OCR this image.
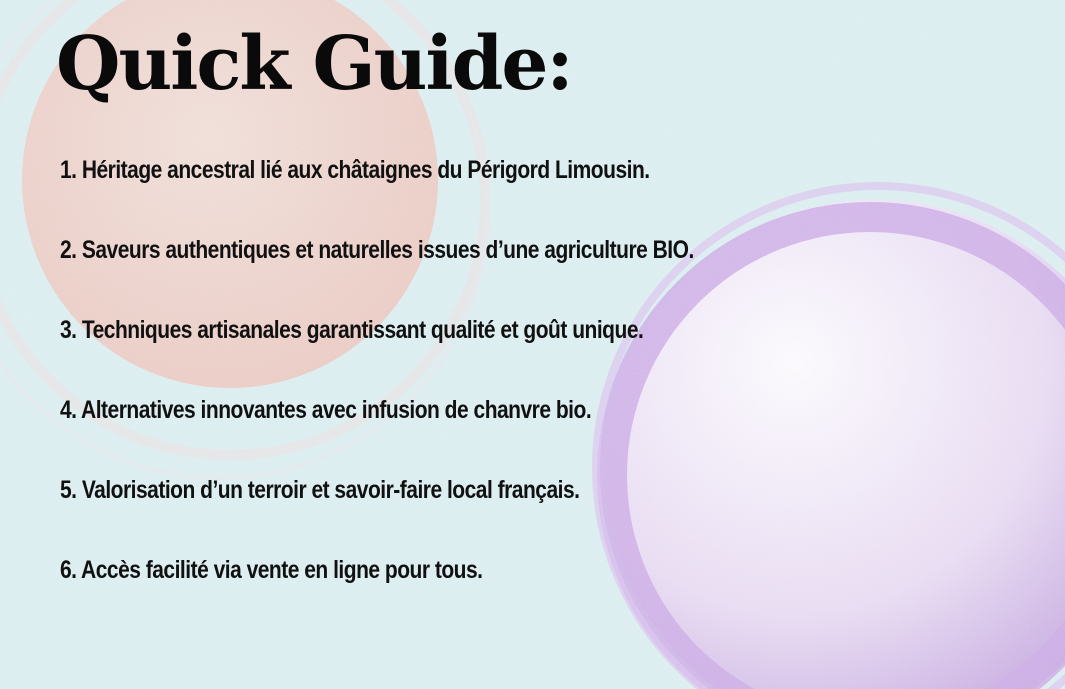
Quick Guide:
1. Héritage ancestral lié aux châtaignes du Périgord Limousin.
2. Saveurs authentiques et naturelles issues d’une agriculture BIO.
3. Techniques artisanales garantissant qualité et goût unique.
4. Alternatives innovantes avec infusion de chanvre bio.
5. Valorisation d’un terroir et savoir-faire local français.
6. Accès facilité via vente en ligne pour tous.
